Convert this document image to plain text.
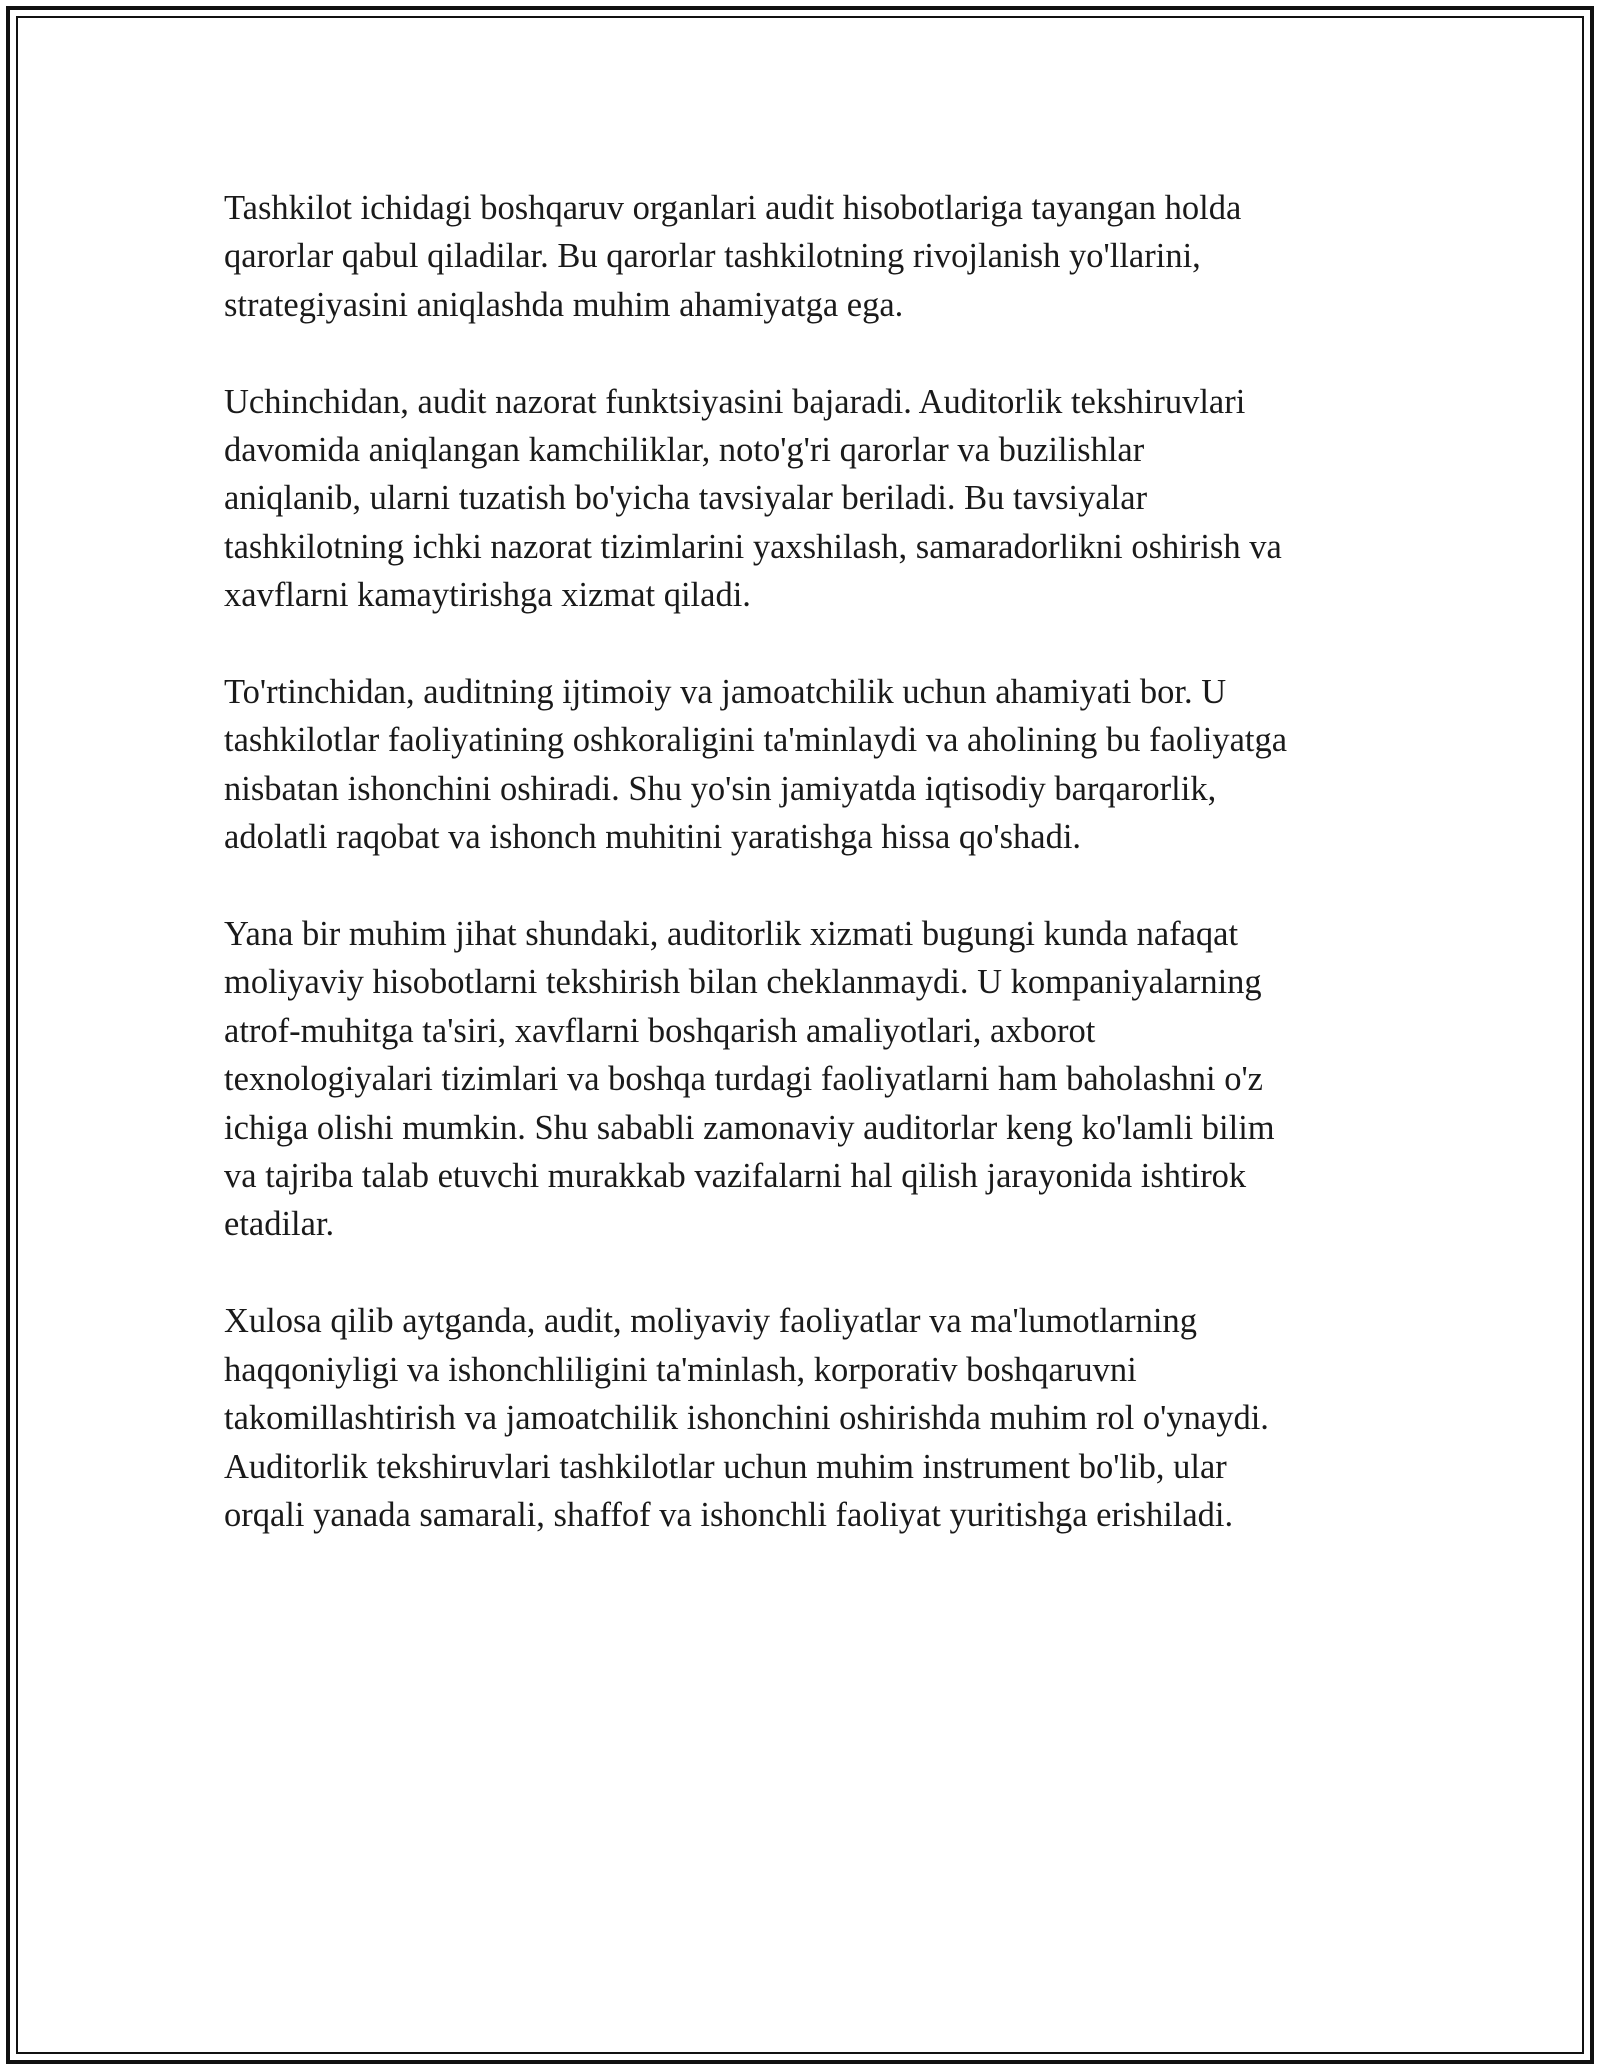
Tashkilot ichidagi boshqaruv organlari audit hisobotlariga tayangan holda
qarorlar qabul qiladilar. Bu qarorlar tashkilotning rivojlanish yo'llarini,
strategiyasini aniqlashda muhim ahamiyatga ega.

Uchinchidan, audit nazorat funktsiyasini bajaradi. Auditorlik tekshiruvlari
davomida aniqlangan kamchiliklar, noto'g'ri qarorlar va buzilishlar
aniqlanib, ularni tuzatish bo'yicha tavsiyalar beriladi. Bu tavsiyalar
tashkilotning ichki nazorat tizimlarini yaxshilash, samaradorlikni oshirish va
xavflarni kamaytirishga xizmat qiladi.

To'rtinchidan, auditning ijtimoiy va jamoatchilik uchun ahamiyati bor. U
tashkilotlar faoliyatining oshkoraligini ta'minlaydi va aholining bu faoliyatga
nisbatan ishonchini oshiradi. Shu yo'sin jamiyatda iqtisodiy barqarorlik,
adolatli raqobat va ishonch muhitini yaratishga hissa qo'shadi.

Yana bir muhim jihat shundaki, auditorlik xizmati bugungi kunda nafaqat
moliyaviy hisobotlarni tekshirish bilan cheklanmaydi. U kompaniyalarning
atrof-muhitga ta'siri, xavflarni boshqarish amaliyotlari, axborot
texnologiyalari tizimlari va boshqa turdagi faoliyatlarni ham baholashni o'z
ichiga olishi mumkin. Shu sababli zamonaviy auditorlar keng ko'lamli bilim
va tajriba talab etuvchi murakkab vazifalarni hal qilish jarayonida ishtirok
etadilar.

Xulosa qilib aytganda, audit, moliyaviy faoliyatlar va ma'lumotlarning
haqqoniyligi va ishonchliligini ta'minlash, korporativ boshqaruvni
takomillashtirish va jamoatchilik ishonchini oshirishda muhim rol o'ynaydi.
Auditorlik tekshiruvlari tashkilotlar uchun muhim instrument bo'lib, ular
orqali yanada samarali, shaffof va ishonchli faoliyat yuritishga erishiladi.
